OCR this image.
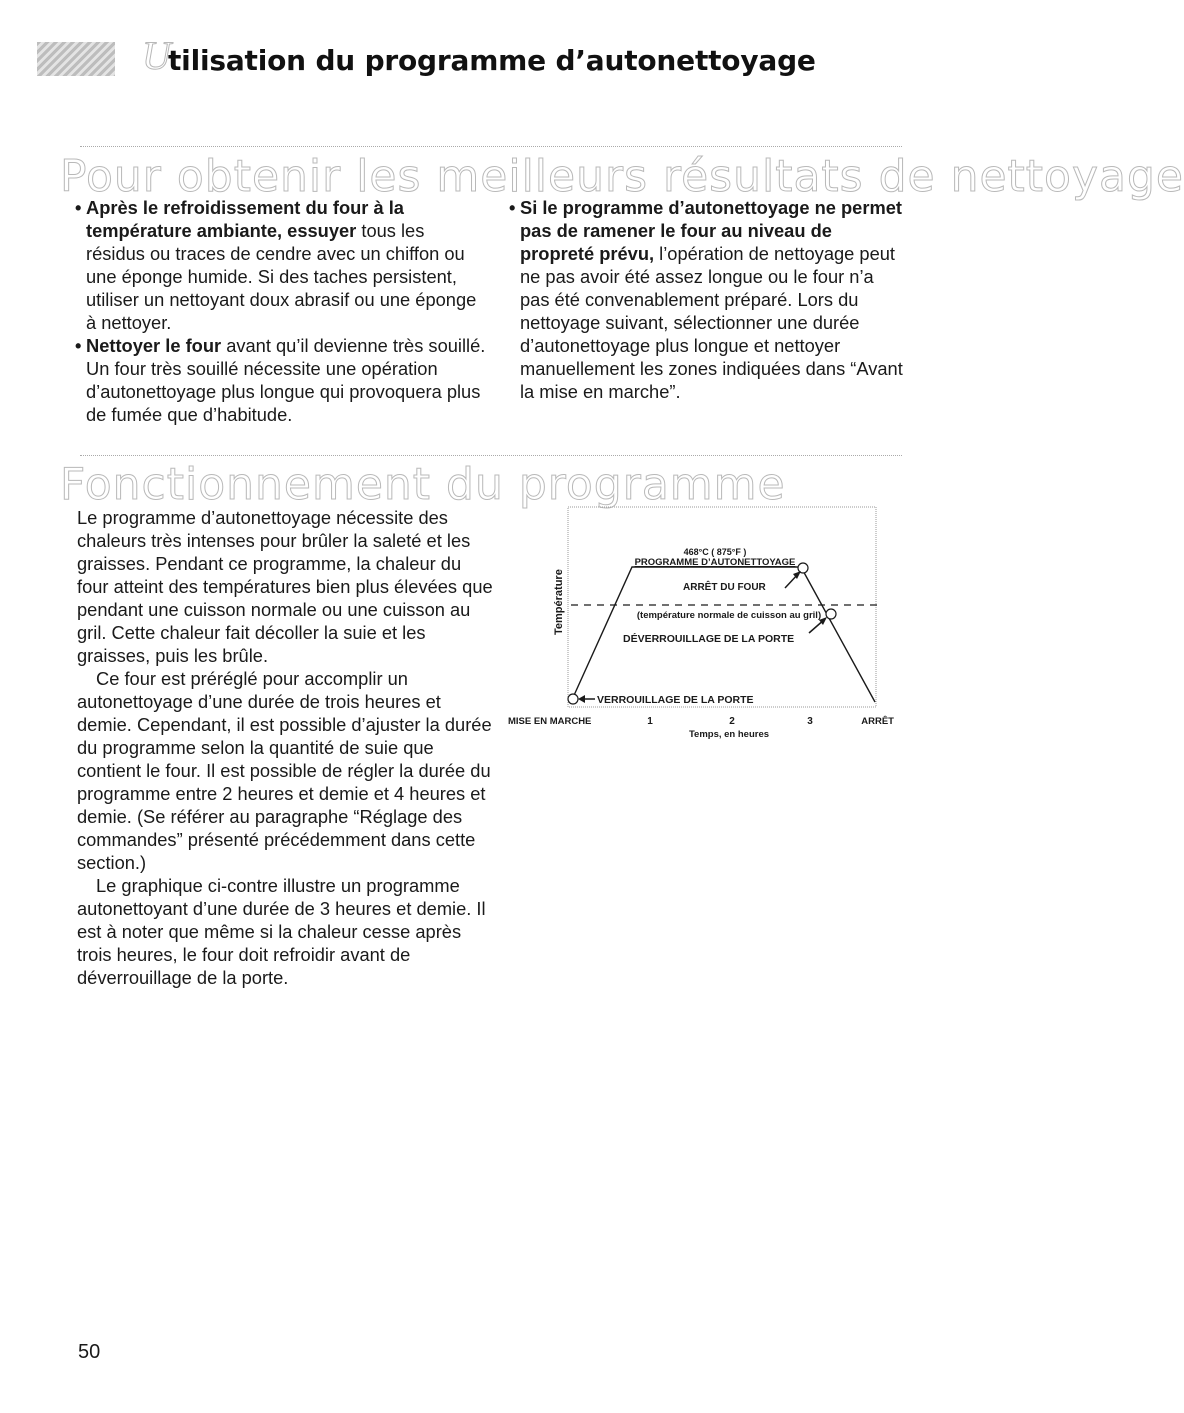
U
tilisation du programme d’autonettoyage
Pour obtenir les meilleurs résultats de nettoyage

• Après le refroidissement du four à la température ambiante, essuyer tous les résidus ou traces de cendre avec un chiffon ou une éponge humide. Si des taches persistent, utiliser un nettoyant doux abrasif ou une éponge à nettoyer.

• Nettoyer le four avant qu’il devienne très souillé. Un four très souillé nécessite une opération d’autonettoyage plus longue qui provoquera plus de fumée que d’habitude.

• Si le programme d’autonettoyage ne permet pas de ramener le four au niveau de propreté prévu, l’opération de nettoyage peut ne pas avoir été assez longue ou le four n’a pas été convenablement préparé. Lors du nettoyage suivant, sélectionner une durée d’autonettoyage plus longue et nettoyer manuellement les zones indiquées dans “Avant la mise en marche”.

Fonctionnement du programme

Le programme d’autonettoyage nécessite des chaleurs très intenses pour brûler la saleté et les graisses. Pendant ce programme, la chaleur du four atteint des températures bien plus élevées que pendant une cuisson normale ou une cuisson au gril. Cette chaleur fait décoller la suie et les graisses, puis les brûle.

Ce four est préréglé pour accomplir un autonettoyage d’une durée de trois heures et demie. Cependant, il est possible d’ajuster la durée du programme selon la quantité de suie que contient le four. Il est possible de régler la durée du programme entre 2 heures et demie et 4 heures et demie. (Se référer au paragraphe “Réglage des commandes” présenté précédemment dans cette section.)

Le graphique ci-contre illustre un programme autonettoyant d’une durée de 3 heures et demie. Il est à noter que même si la chaleur cesse après trois heures, le four doit refroidir avant de déverrouillage de la porte.

Température
468°C ( 875°F )
PROGRAMME D’AUTONETTOYAGE
ARRÊT DU FOUR
(température normale de cuisson au gril)
DÉVERROUILLAGE DE LA PORTE
VERROUILLAGE DE LA PORTE
MISE EN MARCHE	1	2	3	ARRÊT
Temps, en heures
50
